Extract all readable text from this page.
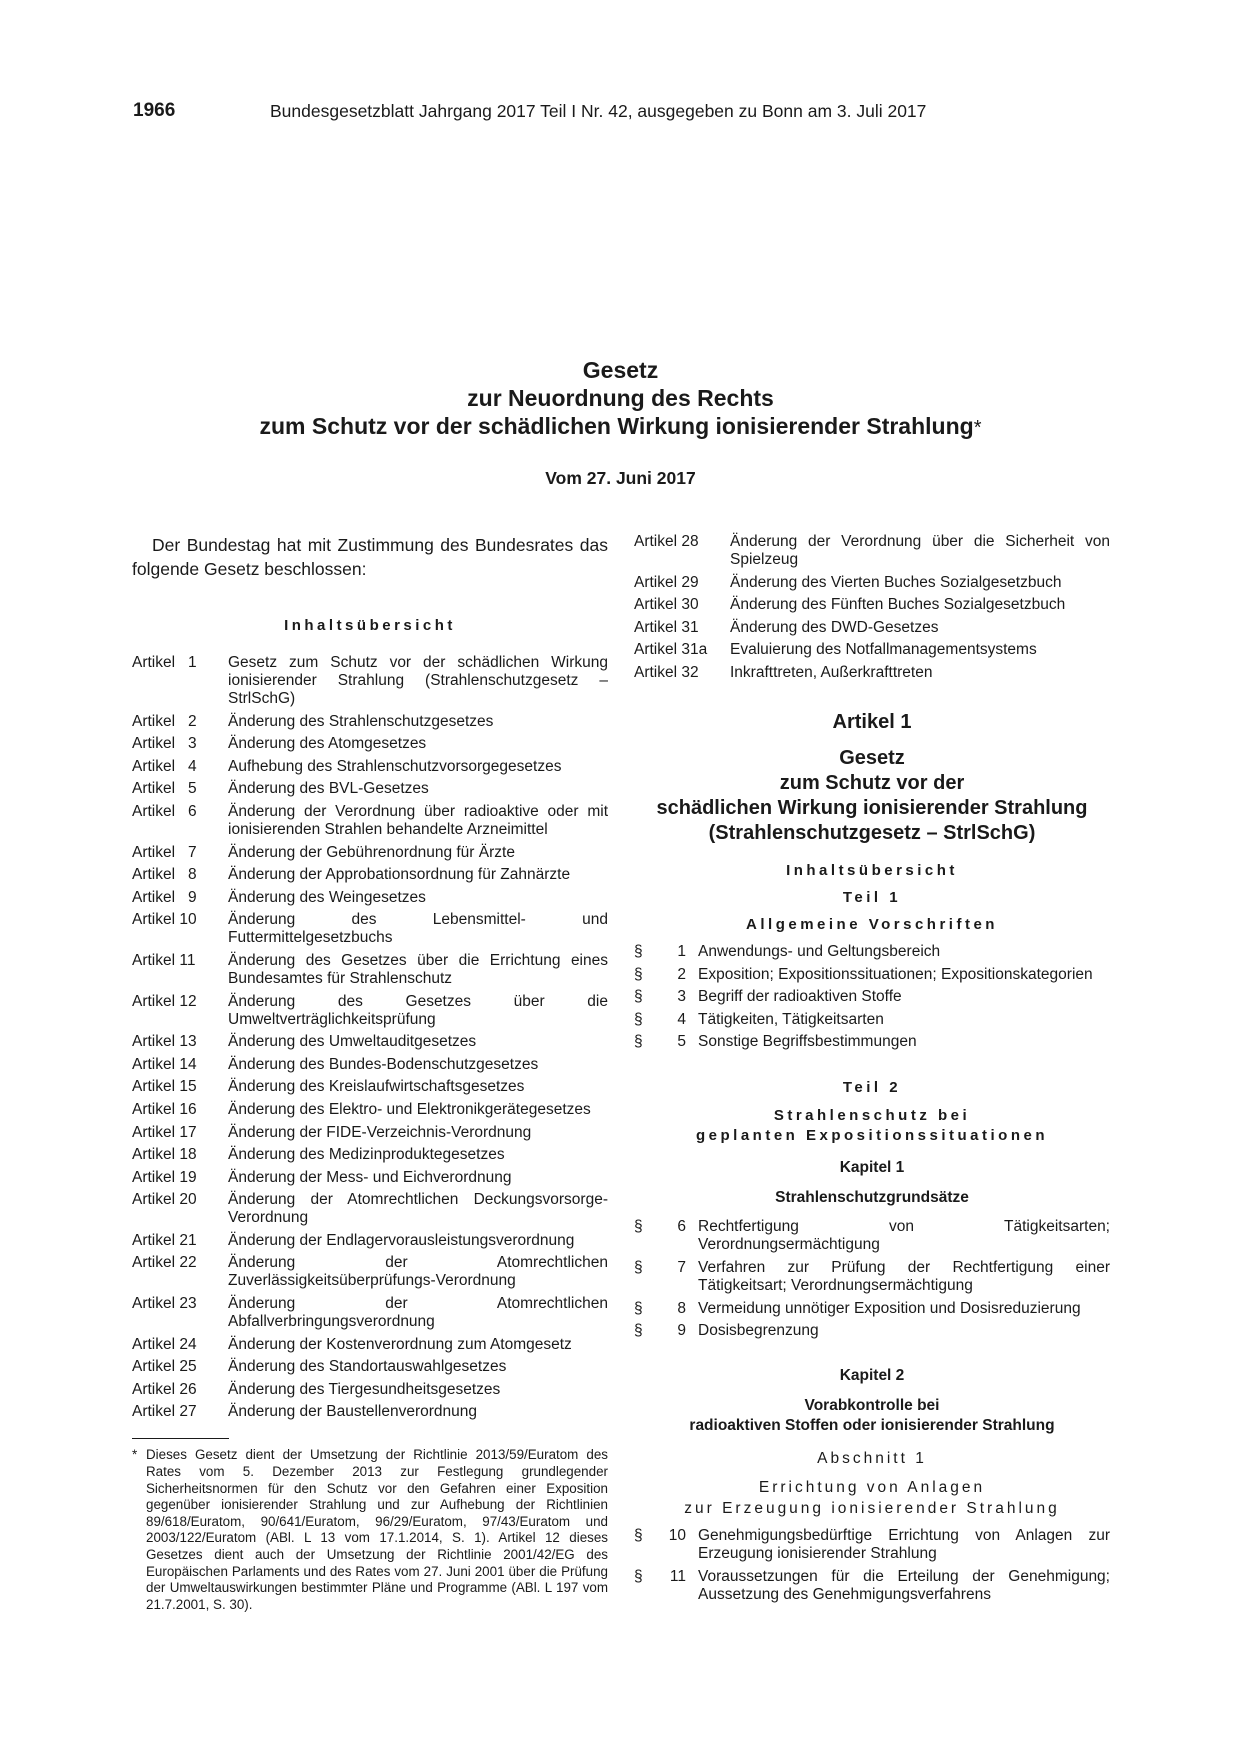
1966	Bundesgesetzblatt Jahrgang 2017 Teil I Nr. 42, ausgegeben zu Bonn am 3. Juli 2017
Gesetz
zur Neuordnung des Rechts
zum Schutz vor der schädlichen Wirkung ionisierender Strahlung*
Vom 27. Juni 2017

Der Bundestag hat mit Zustimmung des Bundesrates das folgende Gesetz beschlossen:

Inhaltsübersicht
Artikel   1	Gesetz zum Schutz vor der schädlichen Wirkung ionisierender Strahlung (Strahlenschutzgesetz – StrlSchG)
Artikel   2	Änderung des Strahlenschutzgesetzes
Artikel   3	Änderung des Atomgesetzes
Artikel   4	Aufhebung des Strahlenschutzvorsorgegesetzes
Artikel   5	Änderung des BVL-Gesetzes
Artikel   6	Änderung der Verordnung über radioaktive oder mit ionisierenden Strahlen behandelte Arzneimittel
Artikel   7	Änderung der Gebührenordnung für Ärzte
Artikel   8	Änderung der Approbationsordnung für Zahnärzte
Artikel   9	Änderung des Weingesetzes
Artikel 10	Änderung des Lebensmittel- und Futtermittelgesetzbuchs
Artikel 11	Änderung des Gesetzes über die Errichtung eines Bundesamtes für Strahlenschutz
Artikel 12	Änderung des Gesetzes über die Umweltverträglichkeitsprüfung
Artikel 13	Änderung des Umweltauditgesetzes
Artikel 14	Änderung des Bundes-Bodenschutzgesetzes
Artikel 15	Änderung des Kreislaufwirtschaftsgesetzes
Artikel 16	Änderung des Elektro- und Elektronikgerätegesetzes
Artikel 17	Änderung der FIDE-Verzeichnis-Verordnung
Artikel 18	Änderung des Medizinproduktegesetzes
Artikel 19	Änderung der Mess- und Eichverordnung
Artikel 20	Änderung der Atomrechtlichen Deckungsvorsorge-Verordnung
Artikel 21	Änderung der Endlagervorausleistungsverordnung
Artikel 22	Änderung der Atomrechtlichen Zuverlässigkeitsüberprüfungs-Verordnung
Artikel 23	Änderung der Atomrechtlichen Abfallverbringungsverordnung
Artikel 24	Änderung der Kostenverordnung zum Atomgesetz
Artikel 25	Änderung des Standortauswahlgesetzes
Artikel 26	Änderung des Tiergesundheitsgesetzes
Artikel 27	Änderung der Baustellenverordnung
* Dieses Gesetz dient der Umsetzung der Richtlinie 2013/59/Euratom des Rates vom 5. Dezember 2013 zur Festlegung grundlegender Sicherheitsnormen für den Schutz vor den Gefahren einer Exposition gegenüber ionisierender Strahlung und zur Aufhebung der Richtlinien 89/618/Euratom, 90/641/Euratom, 96/29/Euratom, 97/43/Euratom und 2003/122/Euratom (ABl. L 13 vom 17.1.2014, S. 1). Artikel 12 dieses Gesetzes dient auch der Umsetzung der Richtlinie 2001/42/EG des Europäischen Parlaments und des Rates vom 27. Juni 2001 über die Prüfung der Umweltauswirkungen bestimmter Pläne und Programme (ABl. L 197 vom 21.7.2001, S. 30).
Artikel 28	Änderung der Verordnung über die Sicherheit von Spielzeug
Artikel 29	Änderung des Vierten Buches Sozialgesetzbuch
Artikel 30	Änderung des Fünften Buches Sozialgesetzbuch
Artikel 31	Änderung des DWD-Gesetzes
Artikel 31a	Evaluierung des Notfallmanagementsystems
Artikel 32	Inkrafttreten, Außerkrafttreten
Artikel 1
Gesetz
zum Schutz vor der
schädlichen Wirkung ionisierender Strahlung
(Strahlenschutzgesetz – StrlSchG)
Inhaltsübersicht
Teil 1
Allgemeine Vorschriften
§	1 Anwendungs- und Geltungsbereich
§	2 Exposition; Expositionssituationen; Expositionskategorien
§	3 Begriff der radioaktiven Stoffe
§	4 Tätigkeiten, Tätigkeitsarten
§	5 Sonstige Begriffsbestimmungen
Teil 2
Strahlenschutz bei
geplanten Expositionssituationen
Kapitel 1
Strahlenschutzgrundsätze
§	6 Rechtfertigung von Tätigkeitsarten; Verordnungsermächtigung
§	7 Verfahren zur Prüfung der Rechtfertigung einer Tätigkeitsart; Verordnungsermächtigung
§	8 Vermeidung unnötiger Exposition und Dosisreduzierung
§	9 Dosisbegrenzung
Kapitel 2
Vorabkontrolle bei
radioaktiven Stoffen oder ionisierender Strahlung
Abschnitt 1
Errichtung von Anlagen
zur Erzeugung ionisierender Strahlung
§	10 Genehmigungsbedürftige Errichtung von Anlagen zur Erzeugung ionisierender Strahlung
§	11 Voraussetzungen für die Erteilung der Genehmigung; Aussetzung des Genehmigungsverfahrens
